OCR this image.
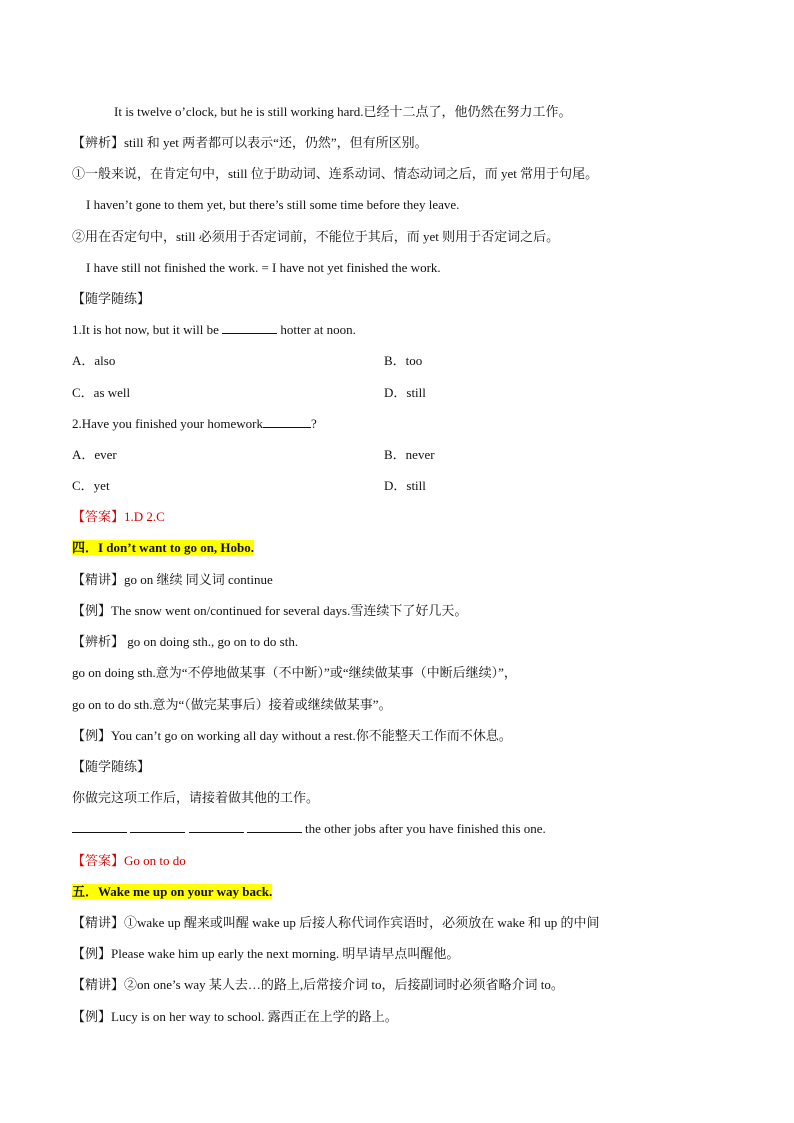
It is twelve o’clock, but he is still working hard.已经十二点了，他仍然在努力工作。
【辨析】still 和 yet 两者都可以表示“还，仍然”，但有所区别。
①一般来说，在肯定句中，still 位于助动词、连系动词、情态动词之后，而 yet 常用于句尾。
I haven’t gone to them yet, but there’s still some time before they leave.
②用在否定句中，still 必须用于否定词前，不能位于其后，而 yet 则用于否定词之后。
I have still not finished the work. = I have not yet finished the work.
【随学随练】
1.It is hot now, but it will be	hotter at noon.
A．also	B．too
C．as well	D．still
2.Have you finished your homework	?
A．ever	B．never
C．yet	D．still
【答案】1.D 2.C
四．I don’t want to go on, Hobo.
【精讲】go on 继续 同义词 continue
【例】The snow went on/continued for several days.雪连续下了好几天。
【辨析】 go on doing sth., go on to do sth.
go on doing sth.意为“不停地做某事（不中断）”或“继续做某事（中断后继续）”，
go on to do sth.意为“（做完某事后）接着或继续做某事”。
【例】You can’t go on working all day without a rest.你不能整天工作而不休息。
【随学随练】
你做完这项工作后，请接着做其他的工作。
the other jobs after you have finished this one.
【答案】Go on to do
五．Wake me up on your way back.
【精讲】①wake up 醒来或叫醒 wake up 后接人称代词作宾语时，必须放在 wake 和 up 的中间
【例】Please wake him up early the next morning. 明早请早点叫醒他。
【精讲】②on one’s way 某人去…的路上,后常接介词 to，后接副词时必须省略介词 to。
【例】Lucy is on her way to school. 露西正在上学的路上。
